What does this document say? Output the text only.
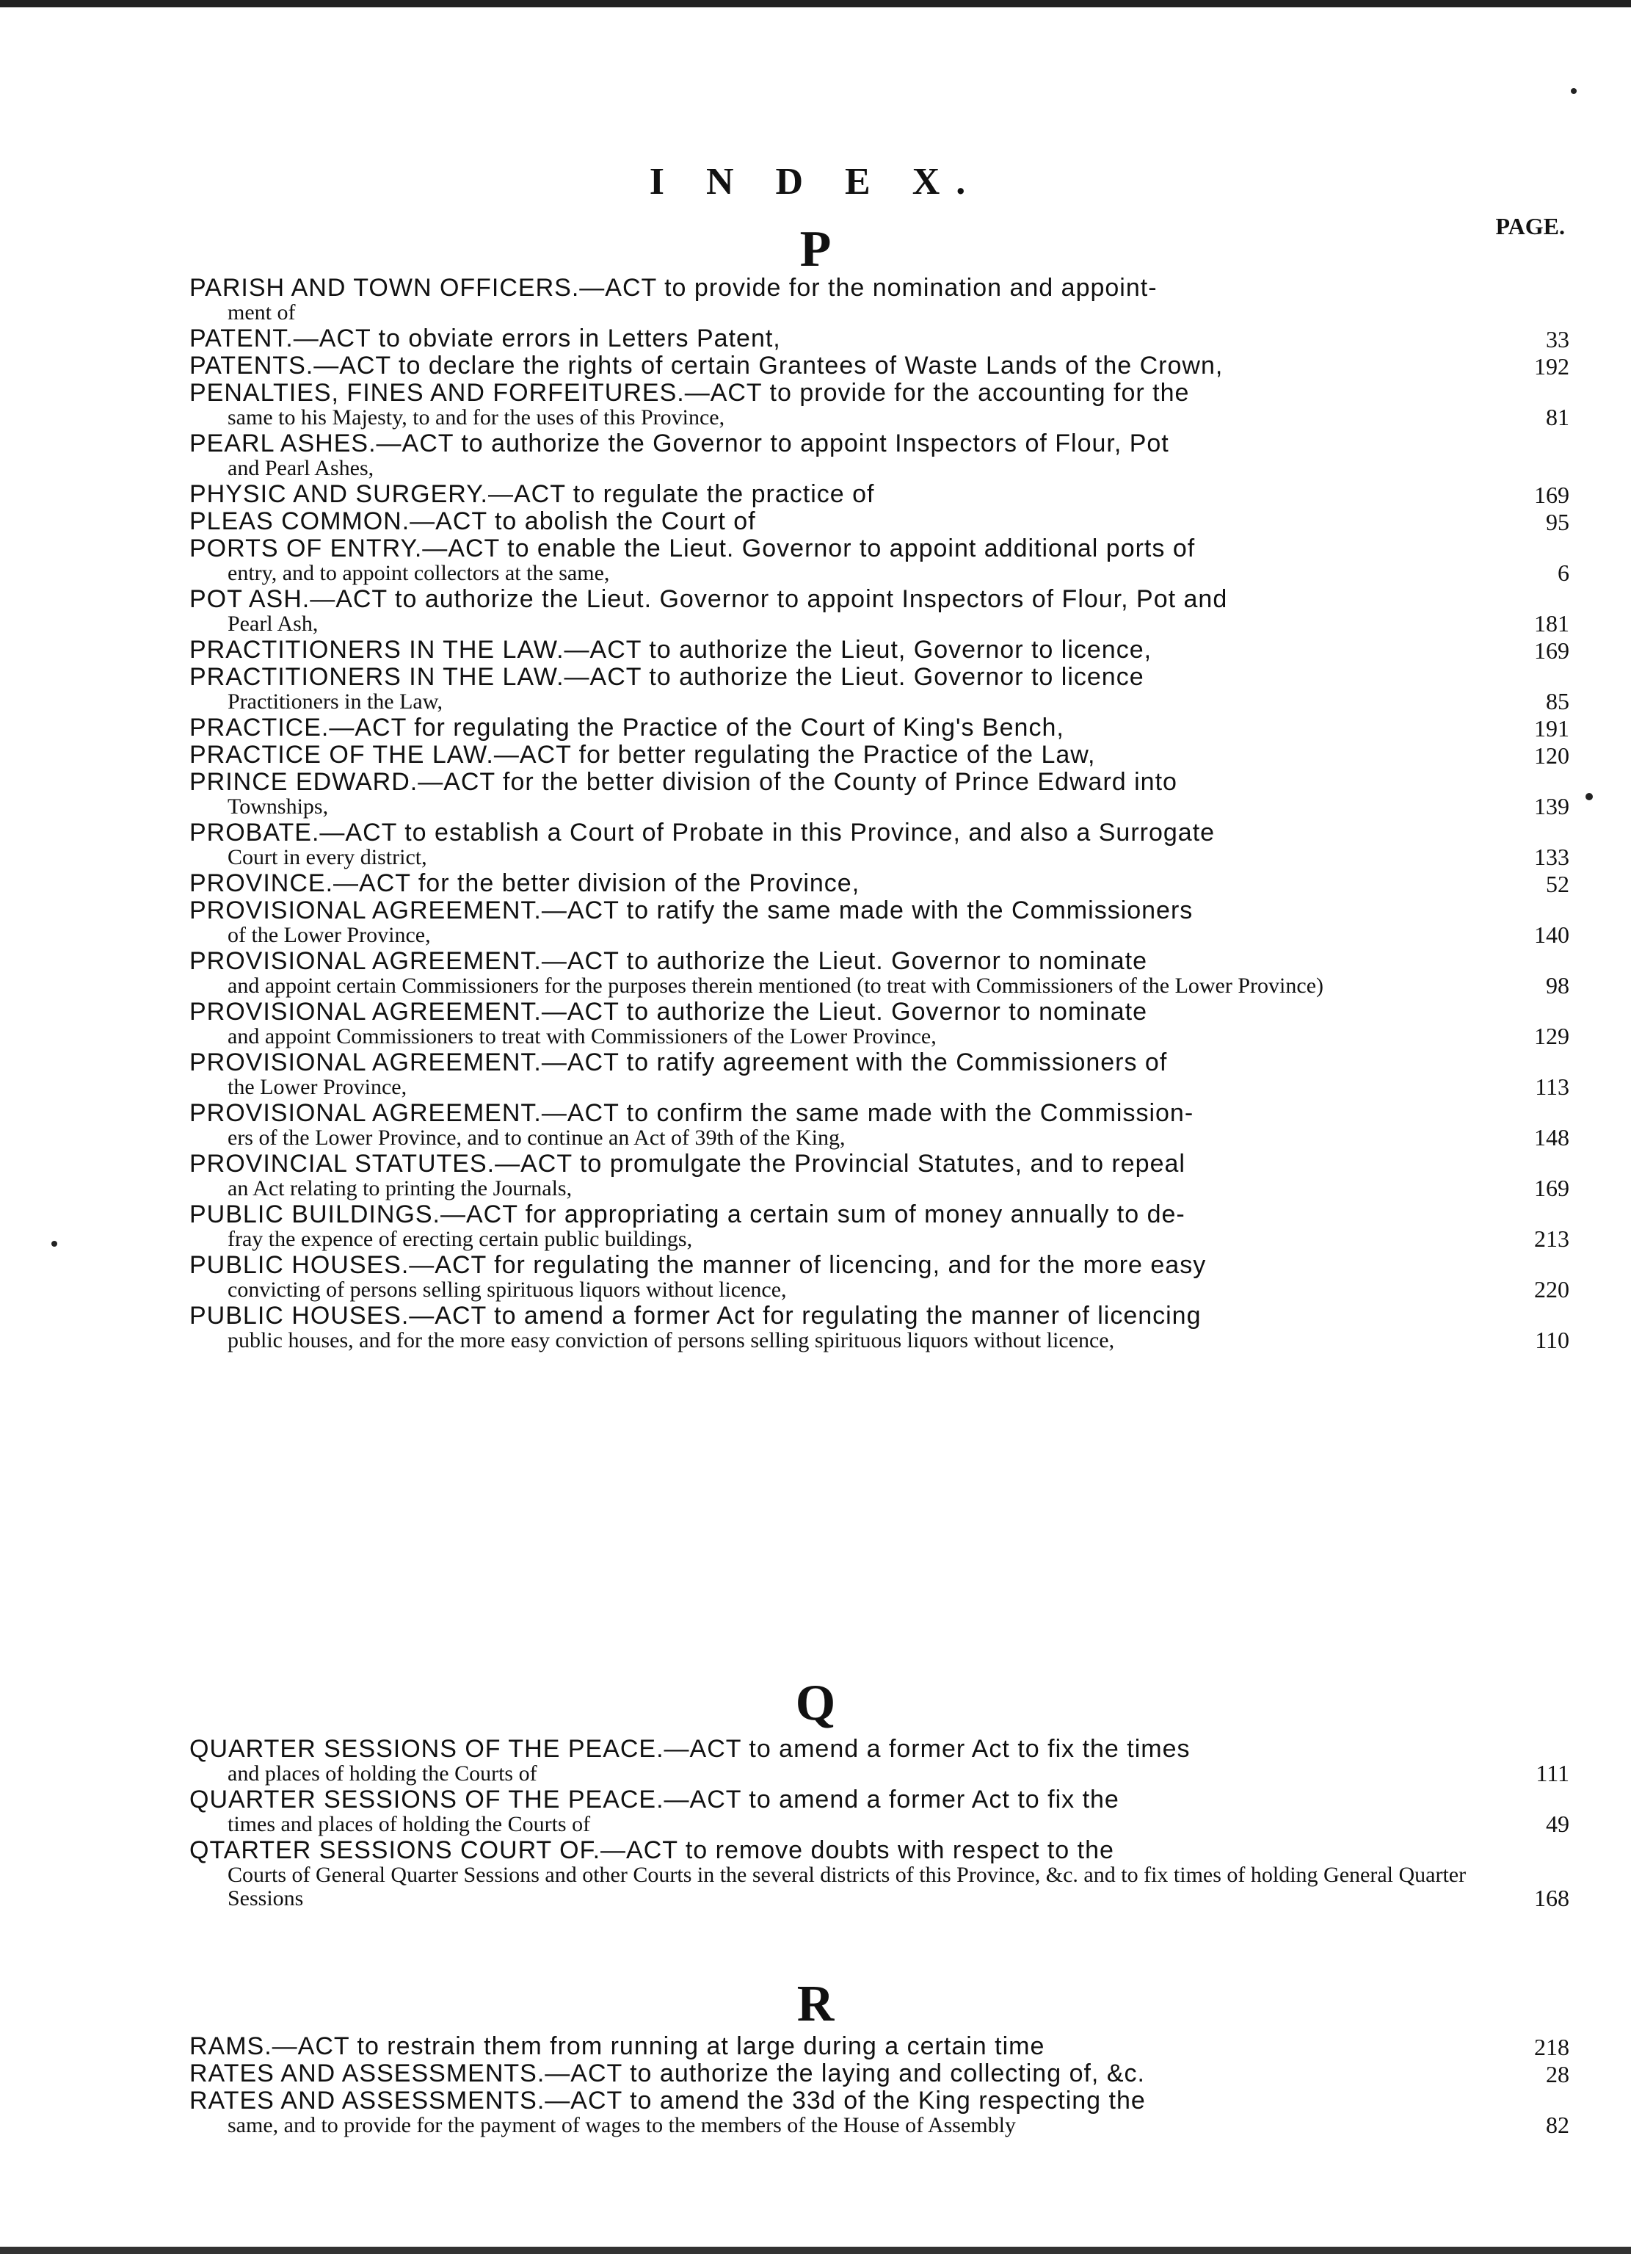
I N D E X.
PAGE.
P
PARISH AND TOWN OFFICERS.—ACT to provide for the nomination and appoint-
ment of
PATENT.—ACT to obviate errors in Letters Patent,	33
PATENTS.—ACT to declare the rights of certain Grantees of Waste Lands of the Crown,	192
PENALTIES, FINES AND FORFEITURES.—ACT to provide for the accounting for the
same to his Majesty, to and for the uses of this Province,	81
PEARL ASHES.—ACT to authorize the Governor to appoint Inspectors of Flour, Pot
and Pearl Ashes,
PHYSIC AND SURGERY.—ACT to regulate the practice of	169
PLEAS COMMON.—ACT to abolish the Court of	95
PORTS OF ENTRY.—ACT to enable the Lieut. Governor to appoint additional ports of
entry, and to appoint collectors at the same,	6
POT ASH.—ACT to authorize the Lieut. Governor to appoint Inspectors of Flour, Pot and
Pearl Ash,	181
PRACTITIONERS IN THE LAW.—ACT to authorize the Lieut, Governor to licence,	169
PRACTITIONERS IN THE LAW.—ACT to authorize the Lieut. Governor to licence
Practitioners in the Law,	85
PRACTICE.—ACT for regulating the Practice of the Court of King's Bench,	191
PRACTICE OF THE LAW.—ACT for better regulating the Practice of the Law,	120
PRINCE EDWARD.—ACT for the better division of the County of Prince Edward into
Townships,	139
PROBATE.—ACT to establish a Court of Probate in this Province, and also a Surrogate
Court in every district,	133
PROVINCE.—ACT for the better division of the Province,	52
PROVISIONAL AGREEMENT.—ACT to ratify the same made with the Commissioners
of the Lower Province,	140
PROVISIONAL AGREEMENT.—ACT to authorize the Lieut. Governor to nominate
and appoint certain Commissioners for the purposes therein mentioned (to treat with Commissioners of the Lower Province)	98
PROVISIONAL AGREEMENT.—ACT to authorize the Lieut. Governor to nominate
and appoint Commissioners to treat with Commissioners of the Lower Province,	129
PROVISIONAL AGREEMENT.—ACT to ratify agreement with the Commissioners of
the Lower Province,	113
PROVISIONAL AGREEMENT.—ACT to confirm the same made with the Commission-
ers of the Lower Province, and to continue an Act of 39th of the King,	148
PROVINCIAL STATUTES.—ACT to promulgate the Provincial Statutes, and to repeal
an Act relating to printing the Journals,	169
PUBLIC BUILDINGS.—ACT for appropriating a certain sum of money annually to de-
fray the expence of erecting certain public buildings,	213
PUBLIC HOUSES.—ACT for regulating the manner of licencing, and for the more easy
convicting of persons selling spirituous liquors without licence,	220
PUBLIC HOUSES.—ACT to amend a former Act for regulating the manner of licencing
public houses, and for the more easy conviction of persons selling spirituous liquors without licence,	110
Q
QUARTER SESSIONS OF THE PEACE.—ACT to amend a former Act to fix the times
and places of holding the Courts of	111
QUARTER SESSIONS OF THE PEACE.—ACT to amend a former Act to fix the
times and places of holding the Courts of	49
QTARTER SESSIONS COURT OF.—ACT to remove doubts with respect to the
Courts of General Quarter Sessions and other Courts in the several districts of this Province, &c. and to fix times of holding General Quarter Sessions	168
R
RAMS.—ACT to restrain them from running at large during a certain time	218
RATES AND ASSESSMENTS.—ACT to authorize the laying and collecting of, &c.	28
RATES AND ASSESSMENTS.—ACT to amend the 33d of the King respecting the
same, and to provide for the payment of wages to the members of the House of Assembly	82
